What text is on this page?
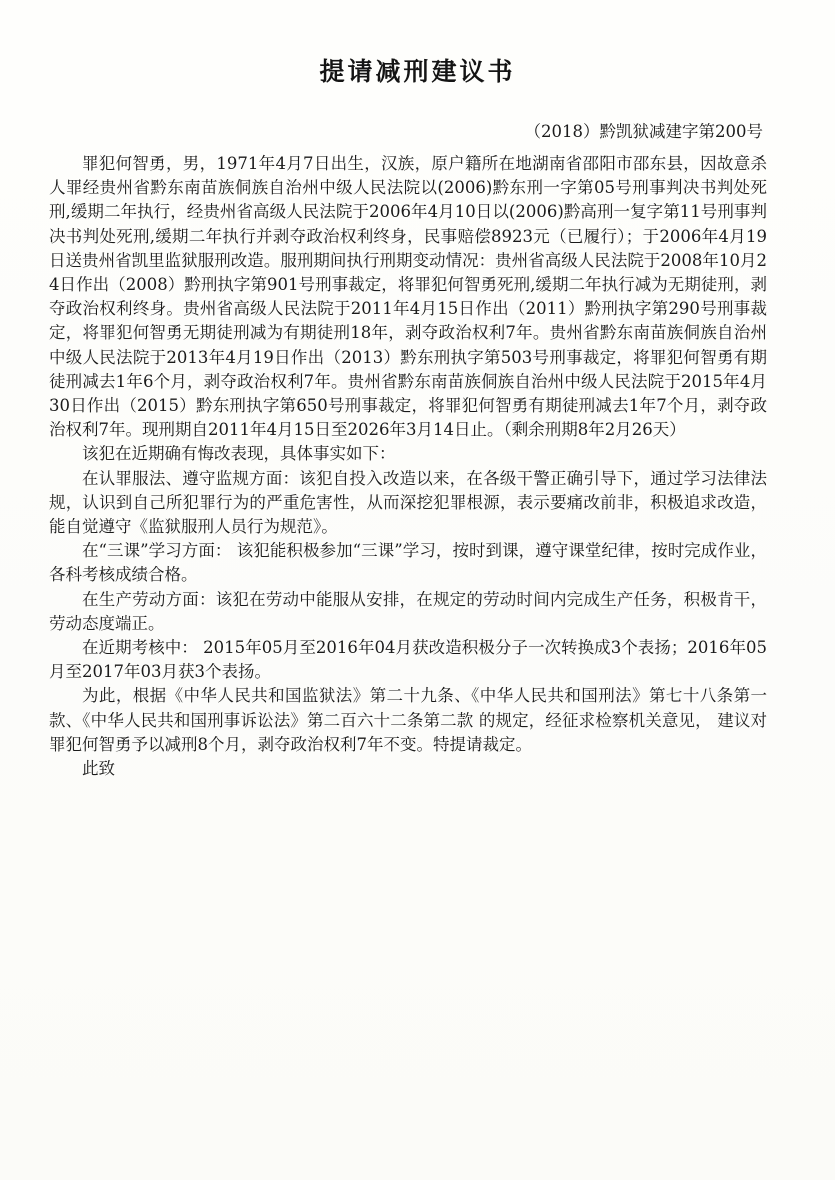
提请减刑建议书
（2018）黔凯狱减建字第200号

罪犯何智勇，男，1971年4月7日出生，汉族，原户籍所在地湖南省邵阳市邵东县，因故意杀人罪经贵州省黔东南苗族侗族自治州中级人民法院以(2006)黔东刑一字第05号刑事判决书判处死刑,缓期二年执行，经贵州省高级人民法院于2006年4月10日以(2006)黔高刑一复字第11号刑事判决书判处死刑,缓期二年执行并剥夺政治权利终身，民事赔偿8923元（已履行）；于2006年4月19日送贵州省凯里监狱服刑改造。服刑期间执行刑期变动情况：贵州省高级人民法院于2008年10月24日作出（2008）黔刑执字第901号刑事裁定，将罪犯何智勇死刑,缓期二年执行减为无期徒刑，剥夺政治权利终身。贵州省高级人民法院于2011年4月15日作出（2011）黔刑执字第290号刑事裁定，将罪犯何智勇无期徒刑减为有期徒刑18年，剥夺政治权利7年。贵州省黔东南苗族侗族自治州中级人民法院于2013年4月19日作出（2013）黔东刑执字第503号刑事裁定，将罪犯何智勇有期徒刑减去1年6个月，剥夺政治权利7年。贵州省黔东南苗族侗族自治州中级人民法院于2015年4月30日作出（2015）黔东刑执字第650号刑事裁定，将罪犯何智勇有期徒刑减去1年7个月，剥夺政治权利7年。现刑期自2011年4月15日至2026年3月14日止。（剩余刑期8年2月26天）

该犯在近期确有悔改表现，具体事实如下：

在认罪服法、遵守监规方面：该犯自投入改造以来，在各级干警正确引导下，通过学习法律法规，认识到自己所犯罪行为的严重危害性，从而深挖犯罪根源，表示要痛改前非，积极追求改造，能自觉遵守《监狱服刑人员行为规范》。

在“三课”学习方面： 该犯能积极参加“三课”学习，按时到课，遵守课堂纪律，按时完成作业，各科考核成绩合格。

在生产劳动方面：该犯在劳动中能服从安排，在规定的劳动时间内完成生产任务，积极肯干，劳动态度端正。

在近期考核中： 2015年05月至2016年04月获改造积极分子一次转换成3个表扬；2016年05月至2017年03月获3个表扬。

为此，根据《中华人民共和国监狱法》第二十九条、《中华人民共和国刑法》第七十八条第一款、《中华人民共和国刑事诉讼法》第二百六十二条第二款 的规定，经征求检察机关意见， 建议对罪犯何智勇予以减刑8个月，剥夺政治权利7年不变。特提请裁定。

此致
